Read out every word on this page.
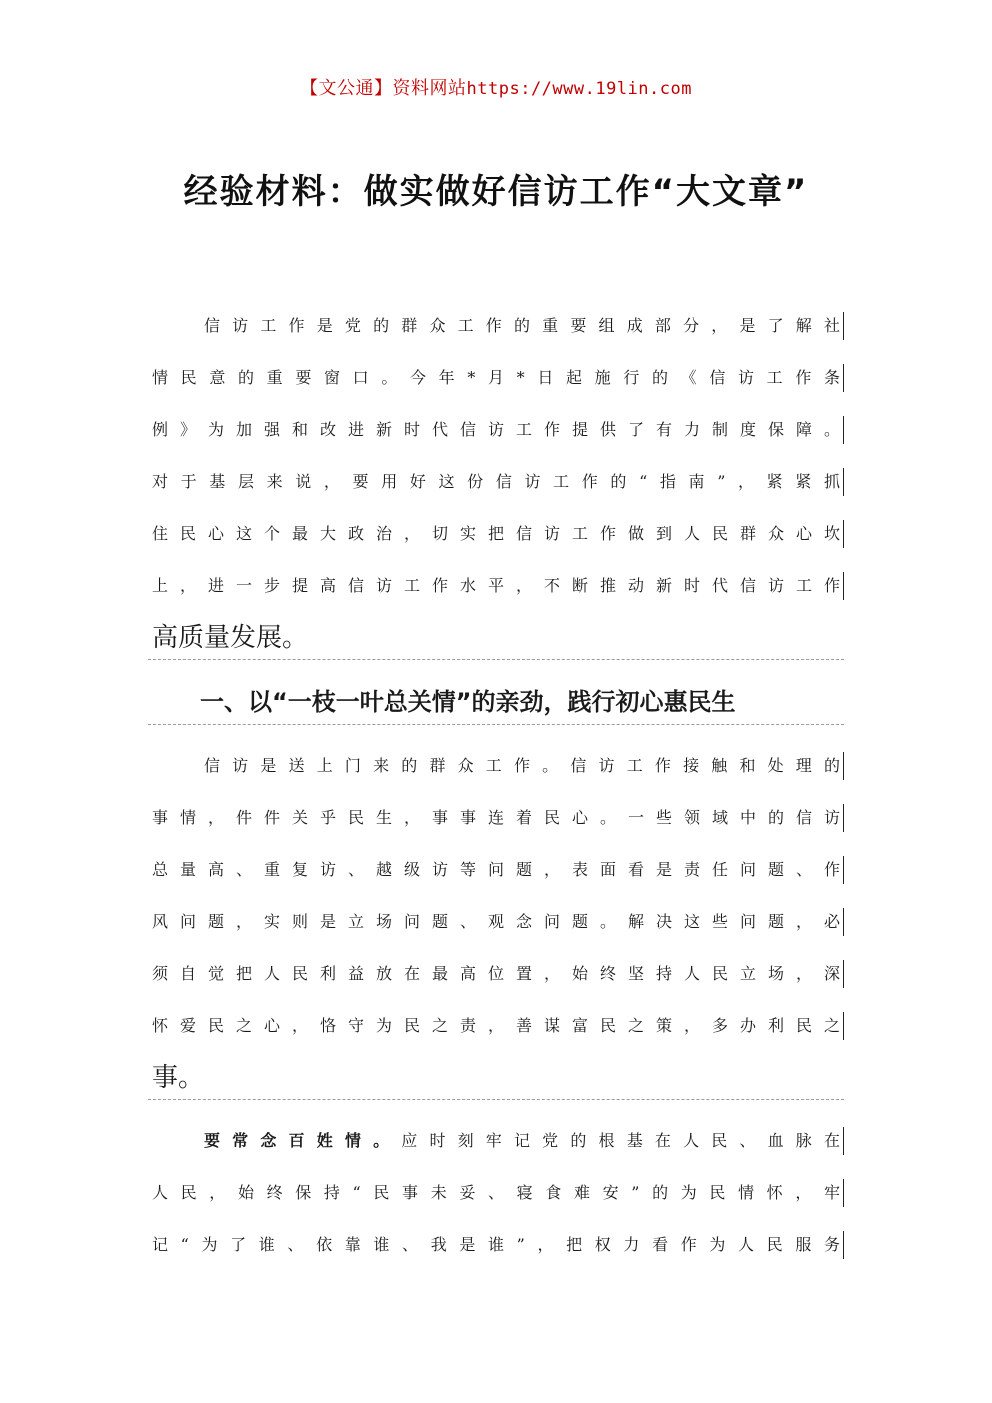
【文公通】资料网站https://www.19lin.com
经验材料：做实做好信访工作“大文章”
信访工作是党的群众工作的重要组成部分，是了解社
情民意的重要窗口。今年*月*日起施行的《信访工作条
例》为加强和改进新时代信访工作提供了有力制度保障。
对于基层来说，要用好这份信访工作的“指南”，紧紧抓
住民心这个最大政治，切实把信访工作做到人民群众心坎
上，进一步提高信访工作水平，不断推动新时代信访工作
高质量发展。
一、以“一枝一叶总关情”的亲劲，践行初心惠民生
信访是送上门来的群众工作。信访工作接触和处理的
事情，件件关乎民生，事事连着民心。一些领域中的信访
总量高、重复访、越级访等问题，表面看是责任问题、作
风问题，实则是立场问题、观念问题。解决这些问题，必
须自觉把人民利益放在最高位置，始终坚持人民立场，深
怀爱民之心，恪守为民之责，善谋富民之策，多办利民之
事。
要常念百姓情。应时刻牢记党的根基在人民、血脉在
人民，始终保持“民事未妥、寝食难安”的为民情怀，牢
记“为了谁、依靠谁、我是谁”，把权力看作为人民服务
